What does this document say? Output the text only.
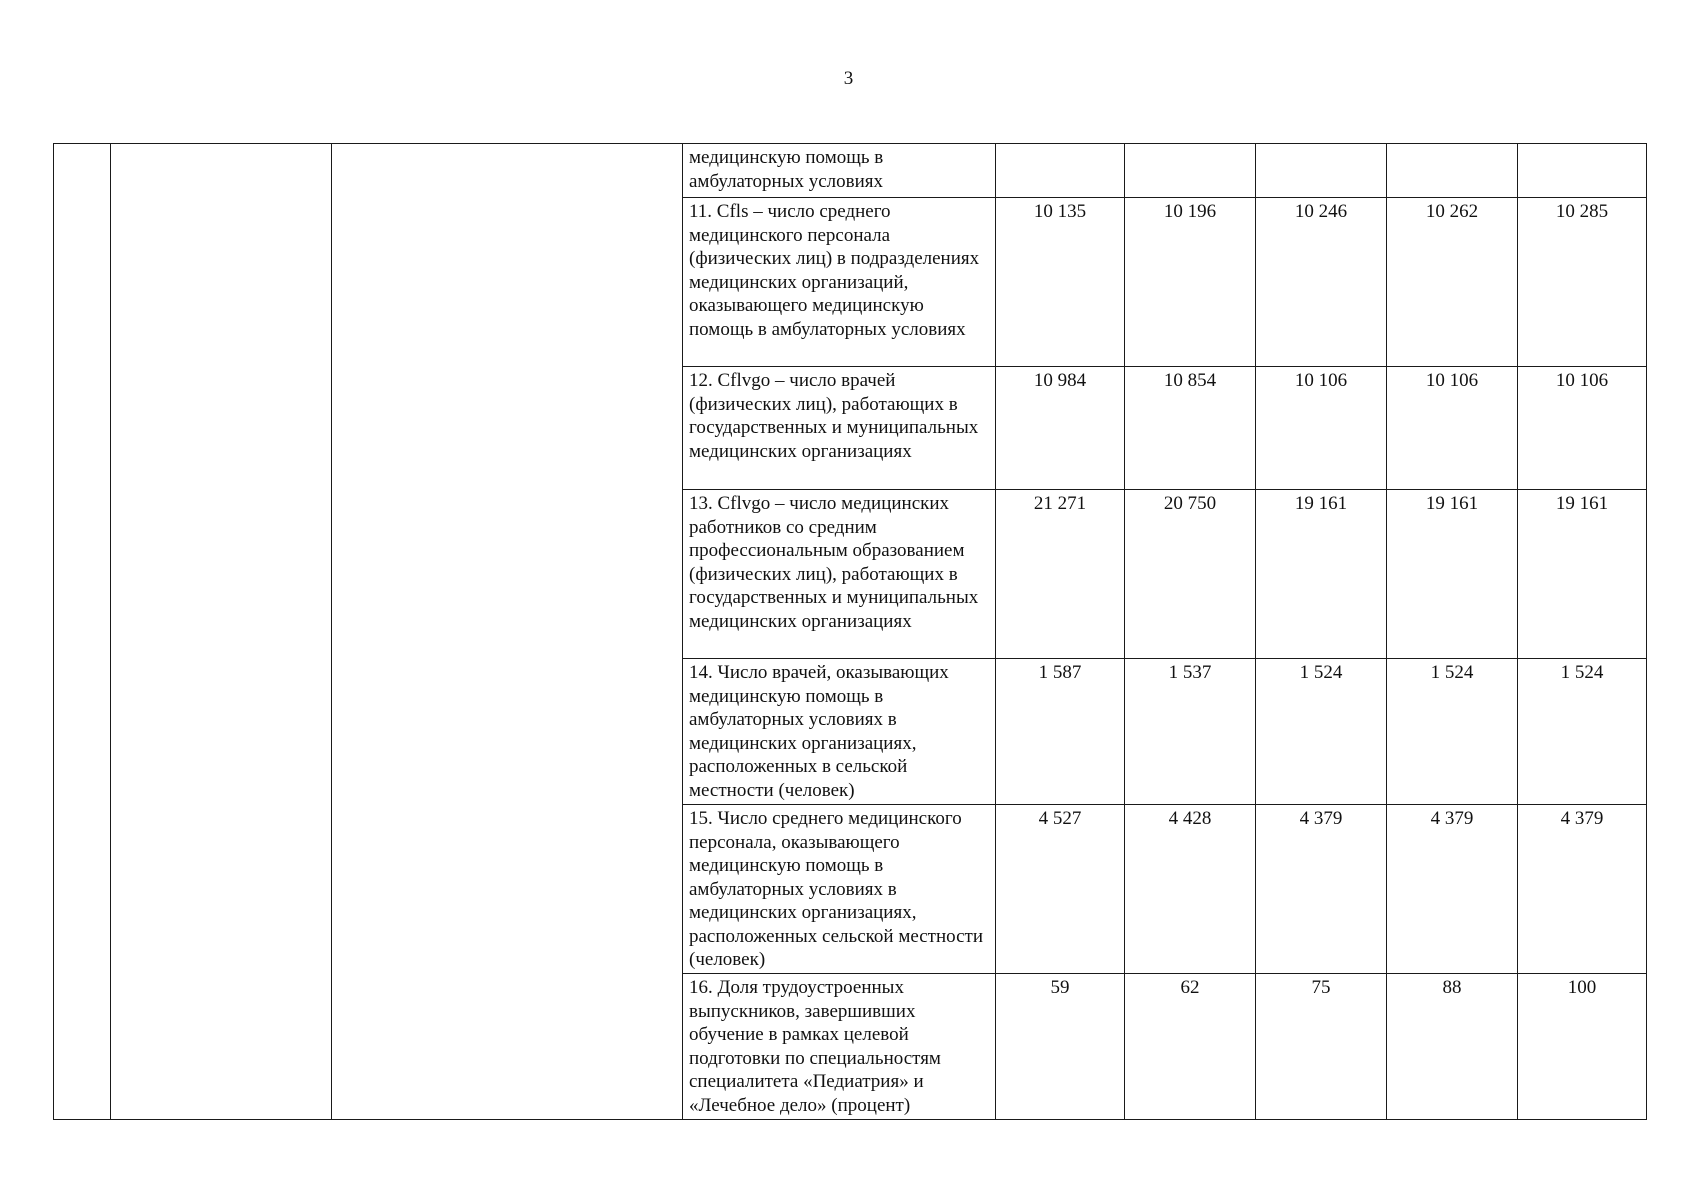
3
			медицинскую помощь в амбулаторных условиях					
			11. Cfls – число среднего медицинского персонала (физических лиц) в подразделениях медицинских организаций, оказывающего медицинскую помощь в амбулаторных условиях	10 135	10 196	10 246	10 262	10 285
			12. Cflvgo – число врачей (физических лиц), работающих в государственных и муниципальных медицинских организациях	10 984	10 854	10 106	10 106	10 106
			13. Cflvgo – число медицинских работников со средним профессиональным образованием (физических лиц), работающих в государственных и муниципальных медицинских организациях	21 271	20 750	19 161	19 161	19 161
			14. Число врачей, оказывающих медицинскую помощь в амбулаторных условиях в медицинских организациях, расположенных в сельской местности (человек)	1 587	1 537	1 524	1 524	1 524
			15. Число среднего медицинского персонала, оказывающего медицинскую помощь в амбулаторных условиях в медицинских организациях, расположенных сельской местности (человек)	4 527	4 428	4 379	4 379	4 379
			16. Доля трудоустроенных выпускников, завершивших обучение в рамках целевой подготовки по специальностям специалитета «Педиатрия» и «Лечебное дело» (процент)	59	62	75	88	100
